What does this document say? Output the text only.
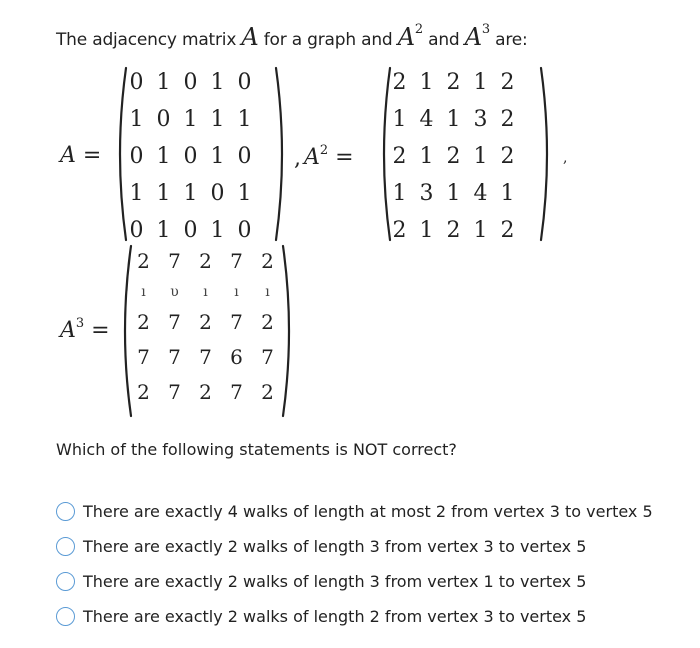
The adjacency matrix A for a graph and $A^2$ and $A^3$ are:
A =
0 1 0 1 0
1 0 1 1 1
0 1 0 1 0
1 1 1 0 1
0 1 0 1 0
, $A^2$ =
2 1 2 1 2
1 4 1 3 2
2 1 2 1 2
1 3 1 4 1
2 1 2 1 2
,
$A^3$ =
2 7 2 7 2
ı	υ	ı	ı	ı
2 7 2 7 2
7 7 7 6 7
2 7 2 7 2
Which of the following statements is NOT correct?
There are exactly 4 walks of length at most 2 from vertex 3 to vertex 5
There are exactly 2 walks of length 3 from vertex 3 to vertex 5
There are exactly 2 walks of length 3 from vertex 1 to vertex 5
There are exactly 2 walks of length 2 from vertex 3 to vertex 5
